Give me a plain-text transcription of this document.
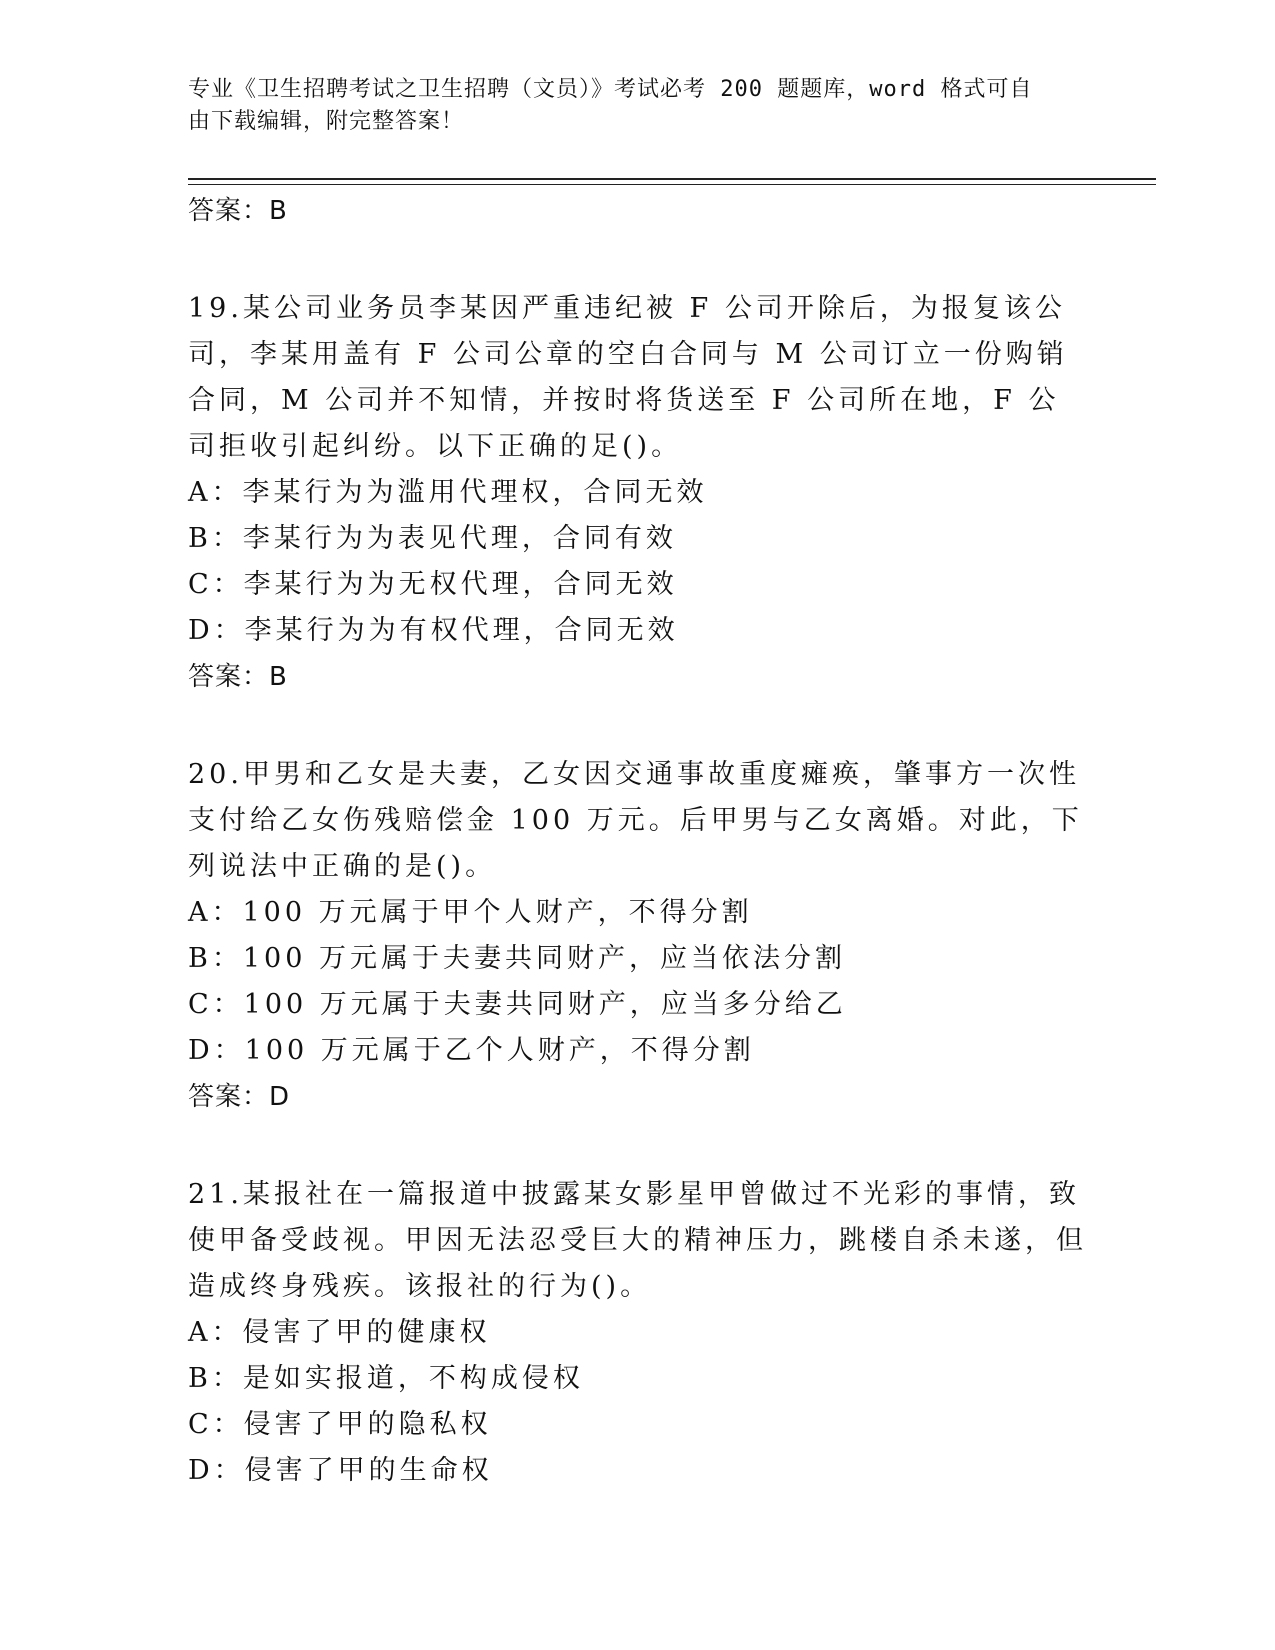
专业《卫生招聘考试之卫生招聘（文员）》考试必考 200 题题库，word 格式可自
由下载编辑，附完整答案！
答案：B

19.某公司业务员李某因严重违纪被 F 公司开除后，为报复该公司，李某用盖有 F 公司公章的空白合同与 M 公司订立一份购销合同，M 公司并不知情，并按时将货送至 F 公司所在地，F 公司拒收引起纠纷。以下正确的足()。

A：李某行为为滥用代理权，合同无效
B：李某行为为表见代理，合同有效
C：李某行为为无权代理，合同无效
D：李某行为为有权代理，合同无效
答案：B

20.甲男和乙女是夫妻，乙女因交通事故重度瘫痪，肇事方一次性支付给乙女伤残赔偿金 100 万元。后甲男与乙女离婚。对此，下列说法中正确的是()。

A：100 万元属于甲个人财产，不得分割
B：100 万元属于夫妻共同财产，应当依法分割
C：100 万元属于夫妻共同财产，应当多分给乙
D：100 万元属于乙个人财产，不得分割
答案：D

21.某报社在一篇报道中披露某女影星甲曾做过不光彩的事情，致使甲备受歧视。甲因无法忍受巨大的精神压力，跳楼自杀未遂，但造成终身残疾。该报社的行为()。

A：侵害了甲的健康权
B：是如实报道，不构成侵权
C：侵害了甲的隐私权
D：侵害了甲的生命权
